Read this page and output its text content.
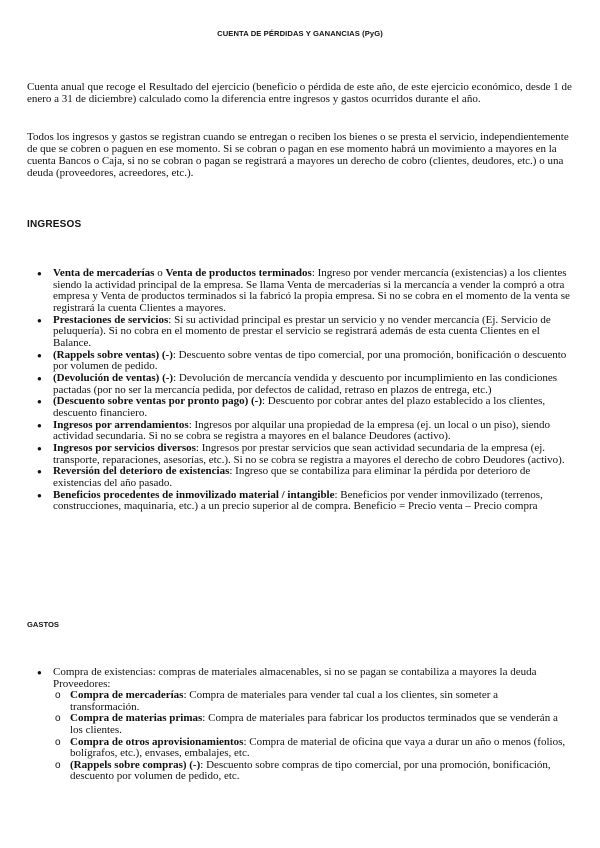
CUENTA DE PÉRDIDAS Y GANANCIAS (PyG)

Cuenta anual que recoge el Resultado del ejercicio (beneficio o pérdida de este año, de este ejercicio económico, desde 1 de enero a 31 de diciembre) calculado como la diferencia entre ingresos y gastos ocurridos durante el año.

Todos los ingresos y gastos se registran cuando se entregan o reciben los bienes o se presta el servicio, independientemente de que se cobren o paguen en ese momento. Si se cobran o pagan en ese momento habrá un movimiento a mayores en la cuenta Bancos o Caja, si no se cobran o pagan se registrará a mayores un derecho de cobro (clientes, deudores, etc.) o una deuda (proveedores, acreedores, etc.).

INGRESOS
● Venta de mercaderías o Venta de productos terminados: Ingreso por vender mercancía (existencias) a los clientes siendo la actividad principal de la empresa. Se llama Venta de mercaderías si la mercancía a vender la compró a otra empresa y Venta de productos terminados si la fabricó la propia empresa. Si no se cobra en el momento de la venta se registrará la cuenta Clientes a mayores.
● Prestaciones de servicios: Si su actividad principal es prestar un servicio y no vender mercancía (Ej. Servicio de peluquería). Si no cobra en el momento de prestar el servicio se registrará además de esta cuenta Clientes en el Balance.
● (Rappels sobre ventas) (-): Descuento sobre ventas de tipo comercial, por una promoción, bonificación o descuento por volumen de pedido.
● (Devolución de ventas) (-): Devolución de mercancía vendida y descuento por incumplimiento en las condiciones pactadas (por no ser la mercancía pedida, por defectos de calidad, retraso en plazos de entrega, etc.)
● (Descuento sobre ventas por pronto pago) (-): Descuento por cobrar antes del plazo establecido a los clientes, descuento financiero.
● Ingresos por arrendamientos: Ingresos por alquilar una propiedad de la empresa (ej. un local o un piso), siendo actividad secundaria. Si no se cobra se registra a mayores en el balance Deudores (activo).
● Ingresos por servicios diversos: Ingresos por prestar servicios que sean actividad secundaria de la empresa (ej. transporte, reparaciones, asesorías, etc.). Si no se cobra se registra a mayores el derecho de cobro Deudores (activo).
● Reversión del deterioro de existencias: Ingreso que se contabiliza para eliminar la pérdida por deterioro de existencias del año pasado.
● Beneficios procedentes de inmovilizado material / intangible: Beneficios por vender inmovilizado (terrenos, construcciones, maquinaria, etc.) a un precio superior al de compra. Beneficio = Precio venta – Precio compra
GASTOS
● Compra de existencias: compras de materiales almacenables, si no se pagan se contabiliza a mayores la deuda Proveedores:
o Compra de mercaderías: Compra de materiales para vender tal cual a los clientes, sin someter a transformación.
o Compra de materias primas: Compra de materiales para fabricar los productos terminados que se venderán a los clientes.
o Compra de otros aprovisionamientos: Compra de material de oficina que vaya a durar un año o menos (folios, bolígrafos, etc.), envases, embalajes, etc.
o (Rappels sobre compras) (-): Descuento sobre compras de tipo comercial, por una promoción, bonificación, descuento por volumen de pedido, etc.
